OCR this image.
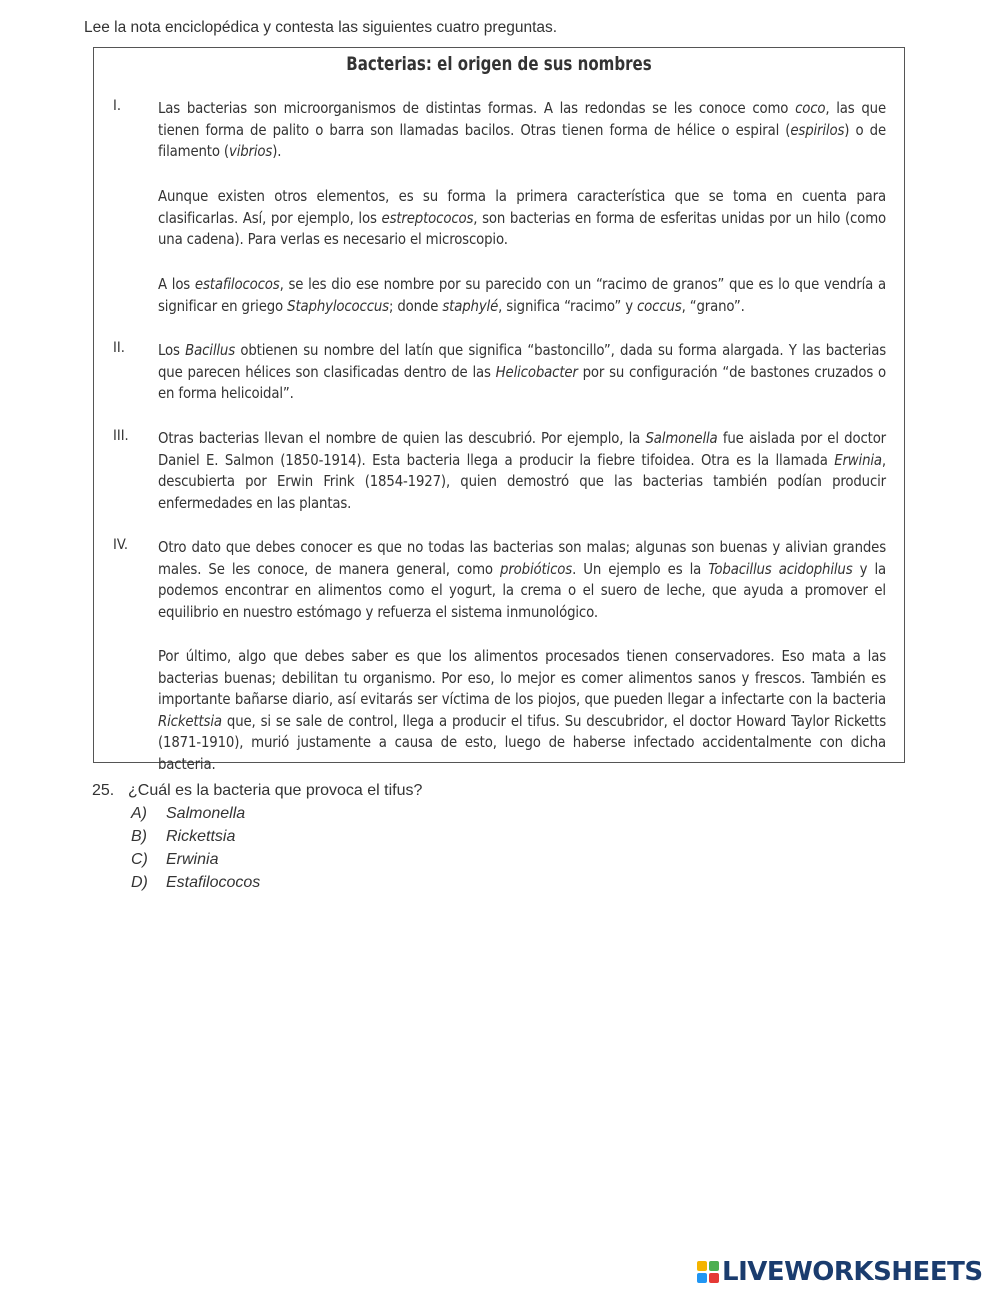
Lee la nota enciclopédica y contesta las siguientes cuatro preguntas.
Bacterias: el origen de sus nombres
I.	Las bacterias son microorganismos de distintas formas. A las redondas se les conoce como coco, las que tienen forma de palito o barra son llamadas bacilos. Otras tienen forma de hélice o espiral (espirilos) o de filamento (vibrios).
Aunque existen otros elementos, es su forma la primera característica que se toma en cuenta para clasificarlas. Así, por ejemplo, los estreptococos, son bacterias en forma de esferitas unidas por un hilo (como una cadena). Para verlas es necesario el microscopio.
A los estafilococos, se les dio ese nombre por su parecido con un “racimo de granos” que es lo que vendría a significar en griego Staphylococcus; donde staphylé, significa “racimo” y coccus, “grano”.
II. Los Bacillus obtienen su nombre del latín que significa “bastoncillo”, dada su forma alargada. Y las bacterias que parecen hélices son clasificadas dentro de las Helicobacter por su configuración “de bastones cruzados o en forma helicoidal”.
III. Otras bacterias llevan el nombre de quien las descubrió. Por ejemplo, la Salmonella fue aislada por el doctor Daniel E. Salmon (1850-1914). Esta bacteria llega a producir la fiebre tifoidea. Otra es la llamada Erwinia, descubierta por Erwin Frink (1854-1927), quien demostró que las bacterias también podían producir enfermedades en las plantas.
IV. Otro dato que debes conocer es que no todas las bacterias son malas; algunas son buenas y alivian grandes males. Se les conoce, de manera general, como probióticos. Un ejemplo es la Tobacillus acidophilus y la podemos encontrar en alimentos como el yogurt, la crema o el suero de leche, que ayuda a promover el equilibrio en nuestro estómago y refuerza el sistema inmunológico.
Por último, algo que debes saber es que los alimentos procesados tienen conservadores. Eso mata a las bacterias buenas; debilitan tu organismo. Por eso, lo mejor es comer alimentos sanos y frescos. También es importante bañarse diario, así evitarás ser víctima de los piojos, que pueden llegar a infectarte con la bacteria Rickettsia que, si se sale de control, llega a producir el tifus. Su descubridor, el doctor Howard Taylor Ricketts (1871-1910), murió justamente a causa de esto, luego de haberse infectado accidentalmente con dicha bacteria.
25. ¿Cuál es la bacteria que provoca el tifus?
A) Salmonella
B) Rickettsia
C) Erwinia
D) Estafilococos
LIVEWORKSHEETS
